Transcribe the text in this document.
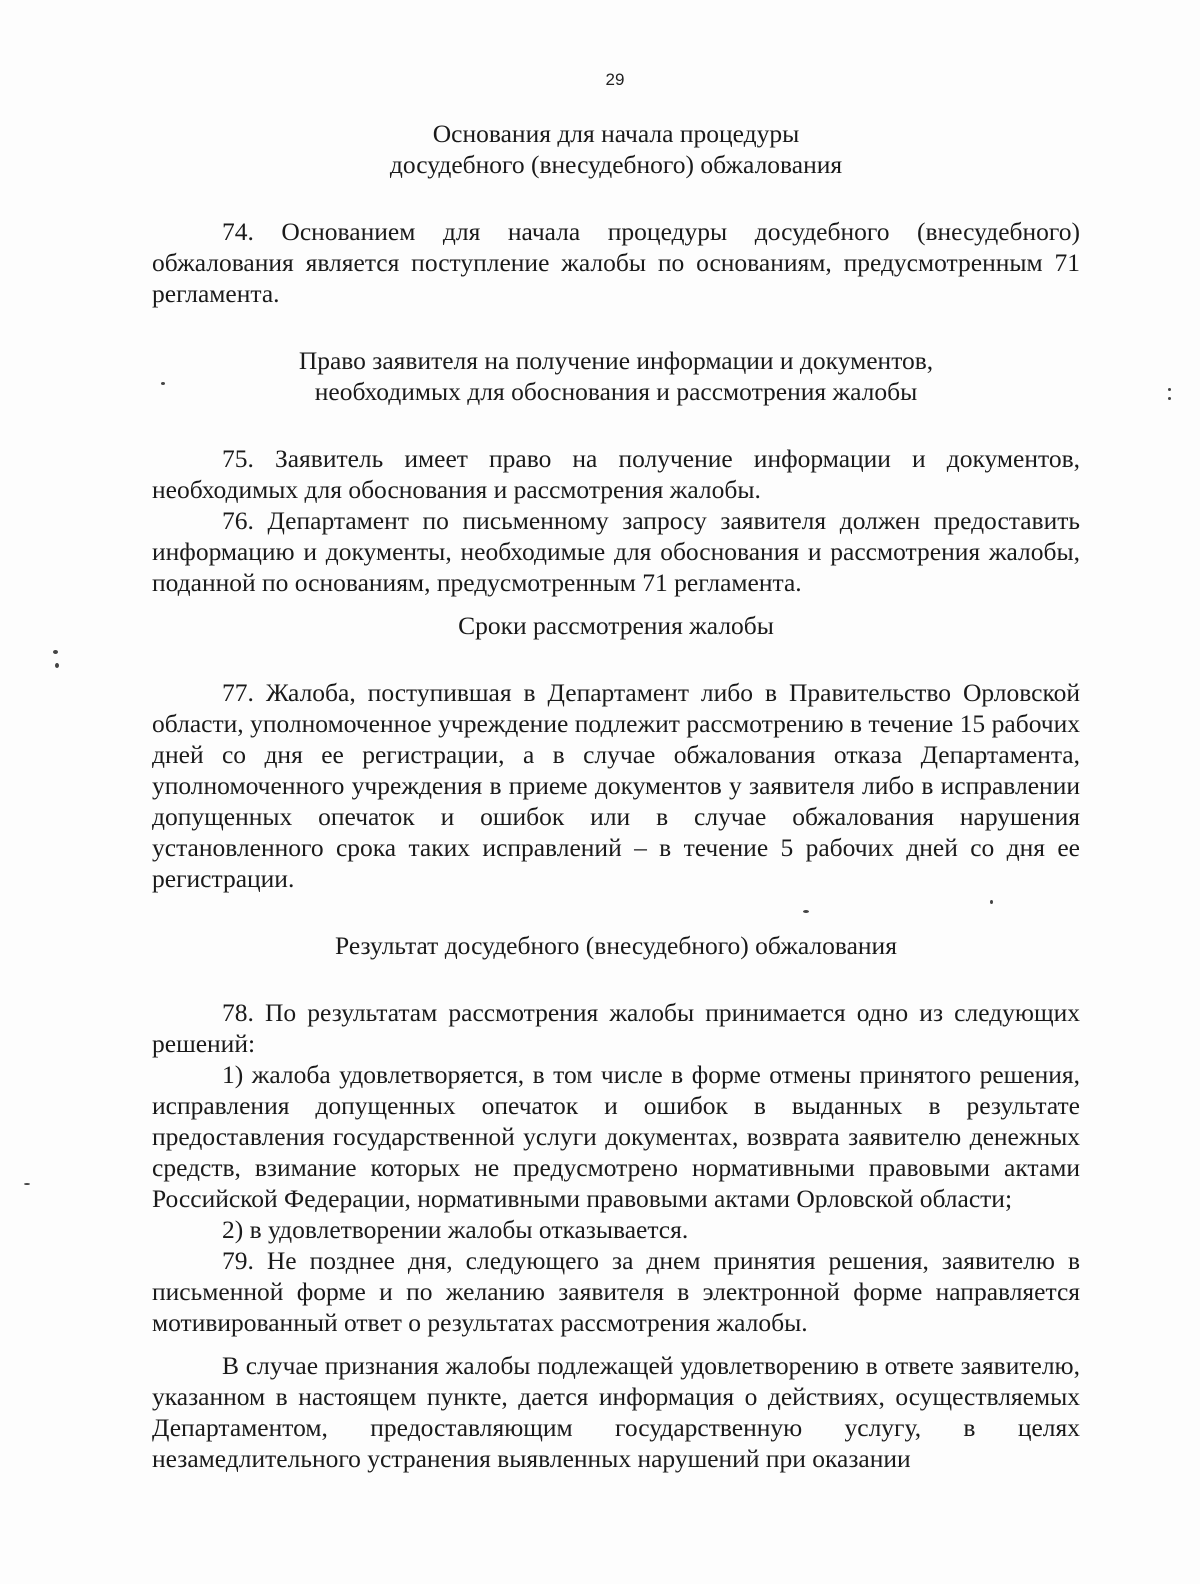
29
Основания для начала процедуры
досудебного (внесудебного) обжалования

74. Основанием для начала процедуры досудебного (внесудебного) обжалования является поступление жалобы по основаниям, предусмотренным 71 регламента.

Право заявителя на получение информации и документов,
необходимых для обоснования и рассмотрения жалобы

75. Заявитель имеет право на получение информации и документов, необходимых для обоснования и рассмотрения жалобы.

76. Департамент по письменному запросу заявителя должен предоставить информацию и документы, необходимые для обоснования и рассмотрения жалобы, поданной по основаниям, предусмотренным 71 регламента.

Сроки рассмотрения жалобы

77. Жалоба, поступившая в Департамент либо в Правительство Орловской области, уполномоченное учреждение подлежит рассмотрению в течение 15 рабочих дней со дня ее регистрации, а в случае обжалования отказа Департамента, уполномоченного учреждения в приеме документов у заявителя либо в исправлении допущенных опечаток и ошибок или в случае обжалования нарушения установленного срока таких исправлений – в течение 5 рабочих дней со дня ее регистрации.

Результат досудебного (внесудебного) обжалования

78. По результатам рассмотрения жалобы принимается одно из следующих решений:

1) жалоба удовлетворяется, в том числе в форме отмены принятого решения, исправления допущенных опечаток и ошибок в выданных в результате предоставления государственной услуги документах, возврата заявителю денежных средств, взимание которых не предусмотрено нормативными правовыми актами Российской Федерации, нормативными правовыми актами Орловской области;

2) в удовлетворении жалобы отказывается.

79. Не позднее дня, следующего за днем принятия решения, заявителю в письменной форме и по желанию заявителя в электронной форме направляется мотивированный ответ о результатах рассмотрения жалобы.

В случае признания жалобы подлежащей удовлетворению в ответе заявителю, указанном в настоящем пункте, дается информация о действиях, осуществляемых Департаментом, предоставляющим государственную услугу, в целях незамедлительного устранения выявленных нарушений при оказании
